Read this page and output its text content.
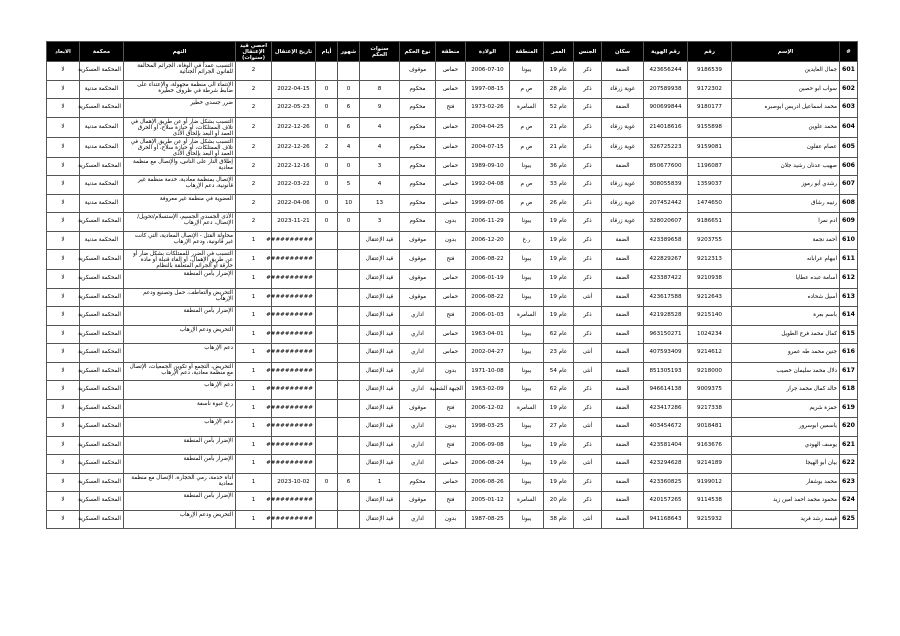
#	الإسم	رقم	رقم الهوية	سكان	الجنس	العمر	المنطقة	الولادة	منطقة	نوع الحكم	سنوات الحكم	شهور	أيام	تاريخ الإعتقال	احصي قيد الإعتقال (سنوات)	التهم	محكمة	الابعاد
601	جمال العايدين	9186539	423656244	الضفة	ذكر	عام 19	يبونا	2006-07-10	حماس	موقوف					2	التسبب عمداً في الوفاة، الجرائم المخالفة للقانون الجرائم الجنائية	المحكمة العسكرية	لا
602	سواب ابو حصين	9172302	207589938	غوية زرقاء	ذكر	عام 28	ص م	1997-08-15	حماس	محكوم	8	0	0	2022-04-15	2	الإنتماء الى منظمة مجهولة، والإعتداء على ضابط شرطة في ظروف خطيرة	المحكمة مدنية	لا
603	محمد اسماعيل ادريس ابوصبره	9180177	900699844	الضفة	ذكر	عام 52	السامرة	1973-02-26	فتح	محكوم	9	6	0	2022-05-23	2	ضرر جسدي خطير	المحكمة العسكرية	لا
604	محمد علوين	9155898	214018616	غوية زرقاء	ذكر	عام 21	ص م	2004-04-25	حماس	محكوم	4	6	0	2022-12-26	2	التسبب بشكل ضار أو عن طريق الإهمال في تلاف الممتلكات، أو حيازة سلاح، أو الحرق العمد أو البعد بإلحاق الأذى	المحكمة مدنية	لا
605	عصام عقلون	9159081	326725223	غوية زرقاء	ذكر	عام 21	ص م	2004-07-15	حماس	محكوم	4	4	2	2022-12-26	2	التسبب بشكل ضار أو عن طريق الإهمال في تلاف الممتلكات، أو حيازة سلاح، أو الحرق العمد أو البعد بإلحاق الأذى	المحكمة مدنية	لا
606	صهيب عدنان رشيد جلان	1196087	850677600	الضفة	ذكر	عام 36	يبونا	1989-09-10	حماس	محكوم	3	0	0	2022-12-16	2	إطلاق النار على الناس، والإتصال مع منظمة معادية	المحكمة العسكرية	لا
607	رشدي أبو رموز	1359037	308055839	غوية زرقاء	ذكر	عام 33	ص م	1992-04-08	حماس	محكوم	4	5	0	2022-03-22	2	الإتصال بمنظمة معادية، خدمة منظمة غير قانونية، دعم الإرهاب	المحكمة مدنية	لا
608	رتيبه رشاق	1474650	207452442	غوية زرقاء	ذكر	عام 26	ص م	1999-07-06	حماس	محكوم	13	10	0	2022-04-06	2	العضوية في منظمة غير معروفة	المحكمة مدنية	لا
609	ادم نمرا	9186651	328020607	غوية زرقاء	ذكر	عام 19	يبونا	2006-11-29	بدون	محكوم	3	0	0	2023-11-21	2	الأذى الجسدي الجسيم، الإستسلام/تحويل/الإتصال، دعم الإرهاب	المحكمة العسكرية	لا
610	أحمد نجمة	9203755	423389658	الضفة	ذكر	عام 19	ر.غ	2006-12-20	بدون	موقوف	قيد الإعتقال			##########	1	محاولة القتل - الإتصال المعادية، التي كانت غير قانونية، ودعم الإرهاب	المحكمة مدنية	لا
611	ابيهام عرابانه	9212313	422829267	الضفة	ذكر	عام 19	يبونا	2006-08-22	فتح	موقوف	قيد الإعتقال			##########	1	التسبب في الضرر للممتلكات بشكل ضار أو عن طريق الإهمال، أو إلقاء قنبلة أو مادة حارقة أو الجرائم المتعلقة بالنظام	المحكمة العسكرية	لا
612	أسامة عبده عطايا	9210938	423387422	الضفة	ذكر	عام 19	يبونا	2006-01-19	حماس	موقوف	قيد الإعتقال			##########	1	الإضرار بأمن المنطقة	المحكمة العسكرية	لا
613	أسيل شحاده	9212643	423617588	الضفة	أنثى	عام 19	يبونا	2006-08-22	حماس	موقوف	قيد الإعتقال			##########	1	التحريض والتعاطف، حمل وتصنيع ودعم الإرهاب	المحكمة العسكرية	لا
614	باسم بعرة	9215140	421928528	الضفة	ذكر	عام 19	السامرة	2006-01-03	فتح	اداري	قيد الإعتقال			##########	1	الإضرار بأمن المنطقة	المحكمة العسكرية	لا
615	كمال محمد فرج الطويل	1024234	963150271	الضفة	ذكر	عام 62	يبونا	1963-04-01	حماس	اداري	قيد الإعتقال			##########	1	التحريض ودعم الإرهاب	المحكمة العسكرية	لا
616	جنين محمد طه عمرو	9214612	407593409	الضفة	أنثى	عام 23	يبونا	2002-04-27	حماس	اداري	قيد الإعتقال			##########	1	دعم الإرهاب	المحكمة العسكرية	لا
617	دلال محمد سليمان خصيب	9218000	851305193	الضفة	أنثى	عام 54	يبونا	1971-10-08	بدون	اداري	قيد الإعتقال			##########	1	التحريض، التجمع أو تكوين الجمعيات، الإتصال مع منظمة معادية، دعم الإرهاب	المحكمة العسكرية	لا
618	خالد كمال محمد جرار	9009375	946614138	الضفة	ذكر	عام 62	يبونا	1963-02-09	الجبهة الشعبية	اداري	قيد الإعتقال			##########	1	دعم الإرهاب	المحكمة العسكرية	لا
619	حمزة شريم	9217338	423417286	الضفة	ذكر	عام 19	السامرة	2006-12-02	فتح	موقوف	قيد الإعتقال			##########	1	ر.غ عبوة ناسفة	المحكمة العسكرية	لا
620	ياسمين ابوسرور	9018481	403454672	الضفة	أنثى	عام 27	يبونا	1998-03-25	بدون	اداري	قيد الإعتقال			##########	1	دعم الإرهاب	المحكمة العسكرية	لا
621	يوسف الهودي	9163676	423581404	الضفة	ذكر	عام 19	يبونا	2006-09-08	فتح	اداري	قيد الإعتقال			##########	1	الإضرار بأمن المنطقة	المحكمة العسكرية	لا
622	بيان أبو الهيجا	9214189	423294628	الضفة	أنثى	عام 19	يبونا	2006-08-24	حماس	اداري	قيد الإعتقال			##########	1	الإضرار بأمن المنطقة	المحكمة العسكرية	لا
623	محمد بوشقار	9199012	423360825	الضفة	ذكر	عام 19	يبونا	2006-08-26	حماس	محكوم	1	6	0	2023-10-02	1	أداة خدمة، رمي الحجارة، الإتصال مع منظمة معادية	المحكمة العسكرية	لا
624	محمود محمد احمد امين زيد	9114538	420157265	الضفة	ذكر	عام 20	السامرة	2005-01-12	فتح	موقوف	قيد الإعتقال			##########	1	الإضرار بأمن المنطقة	المحكمة العسكرية	لا
625	قيسه رشد فريد	9215932	941168643	الضفة	أنثى	عام 38	يبونا	1987-08-25	بدون	اداري	قيد الإعتقال			##########	1	التحريض ودعم الإرهاب	المحكمة العسكرية	لا
